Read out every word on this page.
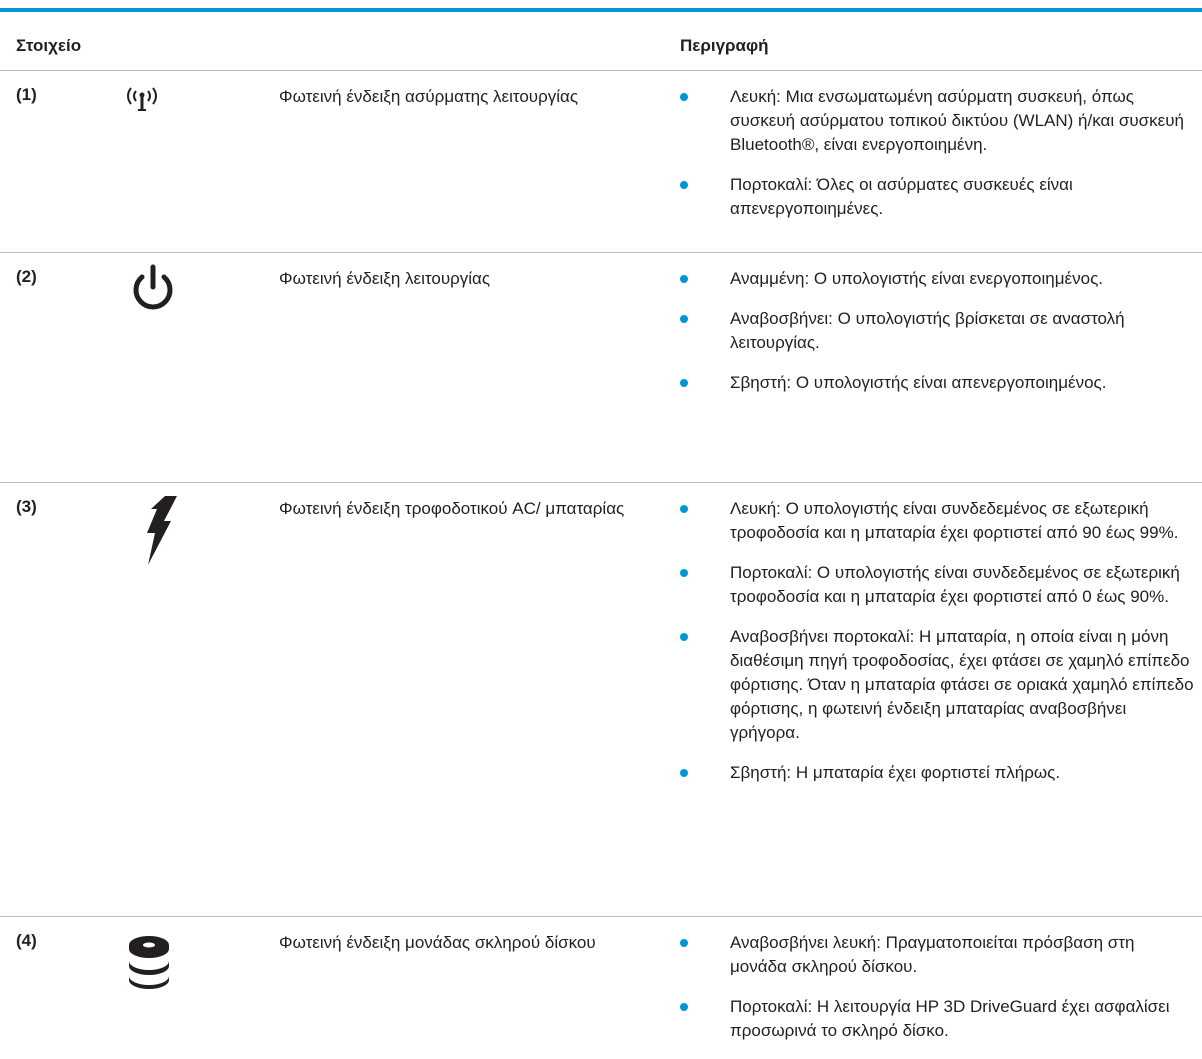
Στοιχείο	Περιγραφή
(1)	Φωτεινή ένδειξη ασύρματης λειτουργίας	Λευκή: Μια ενσωματωμένη ασύρματη συσκευή, όπως συσκευή ασύρματου τοπικού δικτύου (WLAN) ή/και συσκευή Bluetooth®, είναι ενεργοποιημένη.
Πορτοκαλί: Όλες οι ασύρματες συσκευές είναι απενεργοποιημένες.
(2)	Φωτεινή ένδειξη λειτουργίας	Αναμμένη: Ο υπολογιστής είναι ενεργοποιημένος.
Αναβοσβήνει: Ο υπολογιστής βρίσκεται σε αναστολή λειτουργίας.
Σβηστή: Ο υπολογιστής είναι απενεργοποιημένος.
(3)	Φωτεινή ένδειξη τροφοδοτικού AC/ μπαταρίας	Λευκή: Ο υπολογιστής είναι συνδεδεμένος σε εξωτερική τροφοδοσία και η μπαταρία έχει φορτιστεί από 90 έως 99%.
Πορτοκαλί: Ο υπολογιστής είναι συνδεδεμένος σε εξωτερική τροφοδοσία και η μπαταρία έχει φορτιστεί από 0 έως 90%.
Αναβοσβήνει πορτοκαλί: Η μπαταρία, η οποία είναι η μόνη διαθέσιμη πηγή τροφοδοσίας, έχει φτάσει σε χαμηλό επίπεδο φόρτισης. Όταν η μπαταρία φτάσει σε οριακά χαμηλό επίπεδο φόρτισης, η φωτεινή ένδειξη μπαταρίας αναβοσβήνει γρήγορα.
Σβηστή: Η μπαταρία έχει φορτιστεί πλήρως.
(4)	Φωτεινή ένδειξη μονάδας σκληρού δίσκου	Αναβοσβήνει λευκή: Πραγματοποιείται πρόσβαση στη μονάδα σκληρού δίσκου.
Πορτοκαλί: Η λειτουργία HP 3D DriveGuard έχει ασφαλίσει προσωρινά το σκληρό δίσκο.
